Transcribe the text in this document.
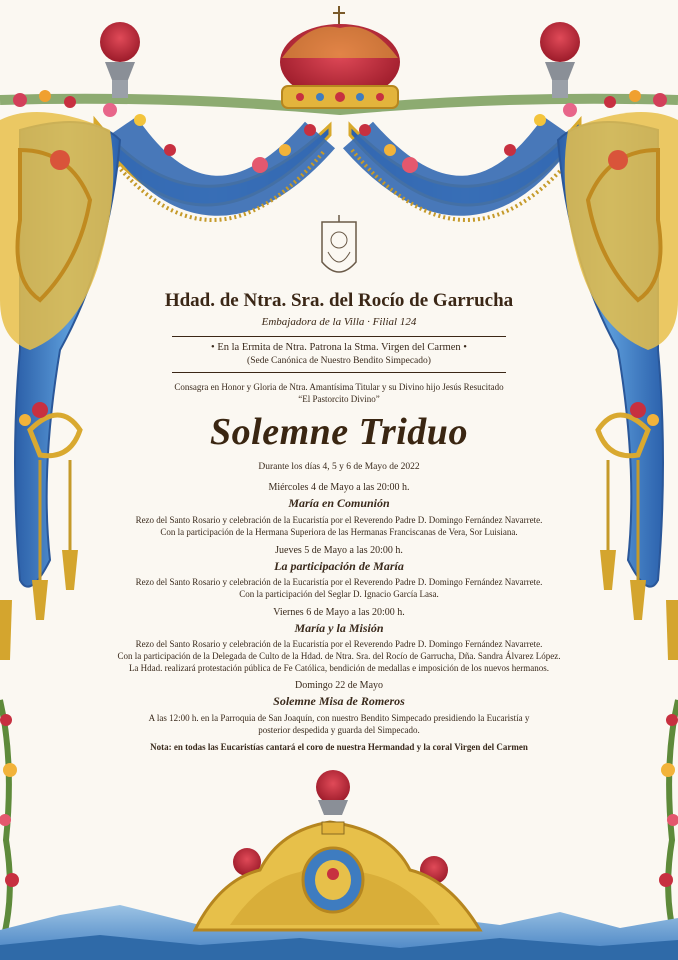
Hdad. de Ntra. Sra. del Rocío de Garrucha
Embajadora de la Villa · Filial 124
• En la Ermita de Ntra. Patrona la Stma. Virgen del Carmen •
(Sede Canónica de Nuestro Bendito Simpecado)
Consagra en Honor y Gloria de Ntra. Amantísima Titular y su Divino hijo Jesús Resucitado
“El Pastorcito Divino”
Solemne Triduo
Durante los días 4, 5 y 6 de Mayo de 2022
Miércoles 4 de Mayo a las 20:00 h.
María en Comunión
Rezo del Santo Rosario y celebración de la Eucaristía por el Reverendo Padre D. Domingo Fernández Navarrete.
Con la participación de la Hermana Superiora de las Hermanas Franciscanas de Vera, Sor Luisiana.
Jueves 5 de Mayo a las 20:00 h.
La participación de María
Rezo del Santo Rosario y celebración de la Eucaristía por el Reverendo Padre D. Domingo Fernández Navarrete.
Con la participación del Seglar D. Ignacio García Lasa.
Viernes 6 de Mayo a las 20:00 h.
María y la Misión
Rezo del Santo Rosario y celebración de la Eucaristía por el Reverendo Padre D. Domingo Fernández Navarrete.
Con la participación de la Delegada de Culto de la Hdad. de Ntra. Sra. del Rocío de Garrucha, Dña. Sandra Álvarez López.
La Hdad. realizará protestación pública de Fe Católica, bendición de medallas e imposición de los nuevos hermanos.
Domingo 22 de Mayo
Solemne Misa de Romeros
A las 12:00 h. en la Parroquia de San Joaquín, con nuestro Bendito Simpecado presidiendo la Eucaristía y
posterior despedida y guarda del Simpecado.
Nota: en todas las Eucaristías cantará el coro de nuestra Hermandad y la coral Virgen del Carmen
